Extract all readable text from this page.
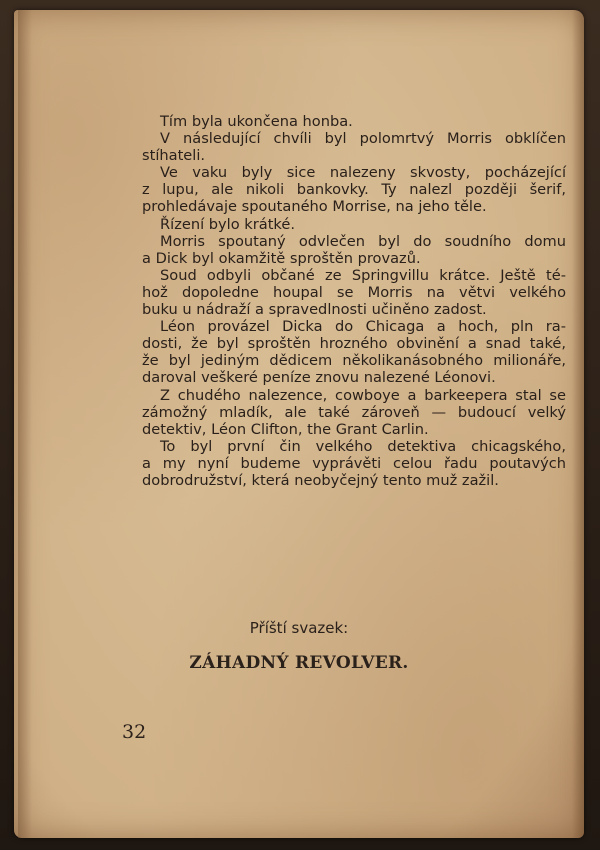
Tím byla ukončena honba.
V následující chvíli byl polomrtvý Morris obklíčen
stíhateli.
Ve vaku byly sice nalezeny skvosty, pocházející
z lupu, ale nikoli bankovky. Ty nalezl později šerif,
prohledávaje spoutaného Morrise, na jeho těle.
Řízení bylo krátké.
Morris spoutaný odvlečen byl do soudního domu
a Dick byl okamžitě sproštěn provazů.
Soud odbyli občané ze Springvillu krátce. Ještě té-
hož dopoledne houpal se Morris na větvi velkého
buku u nádraží a spravedlnosti učiněno zadost.
Léon provázel Dicka do Chicaga a hoch, pln ra-
dosti, že byl sproštěn hrozného obvinění a snad také,
že byl jediným dědicem několikanásobného milionáře,
daroval veškeré peníze znovu nalezené Léonovi.
Z chudého nalezence, cowboye a barkeepera stal se
zámožný mladík, ale také zároveň — budoucí velký
detektiv, Léon Clifton, the Grant Carlin.
To byl první čin velkého detektiva chicagského,
a my nyní budeme vyprávěti celou řadu poutavých
dobrodružství, která neobyčejný tento muž zažil.
Příští svazek:
ZÁHADNÝ REVOLVER.
32
